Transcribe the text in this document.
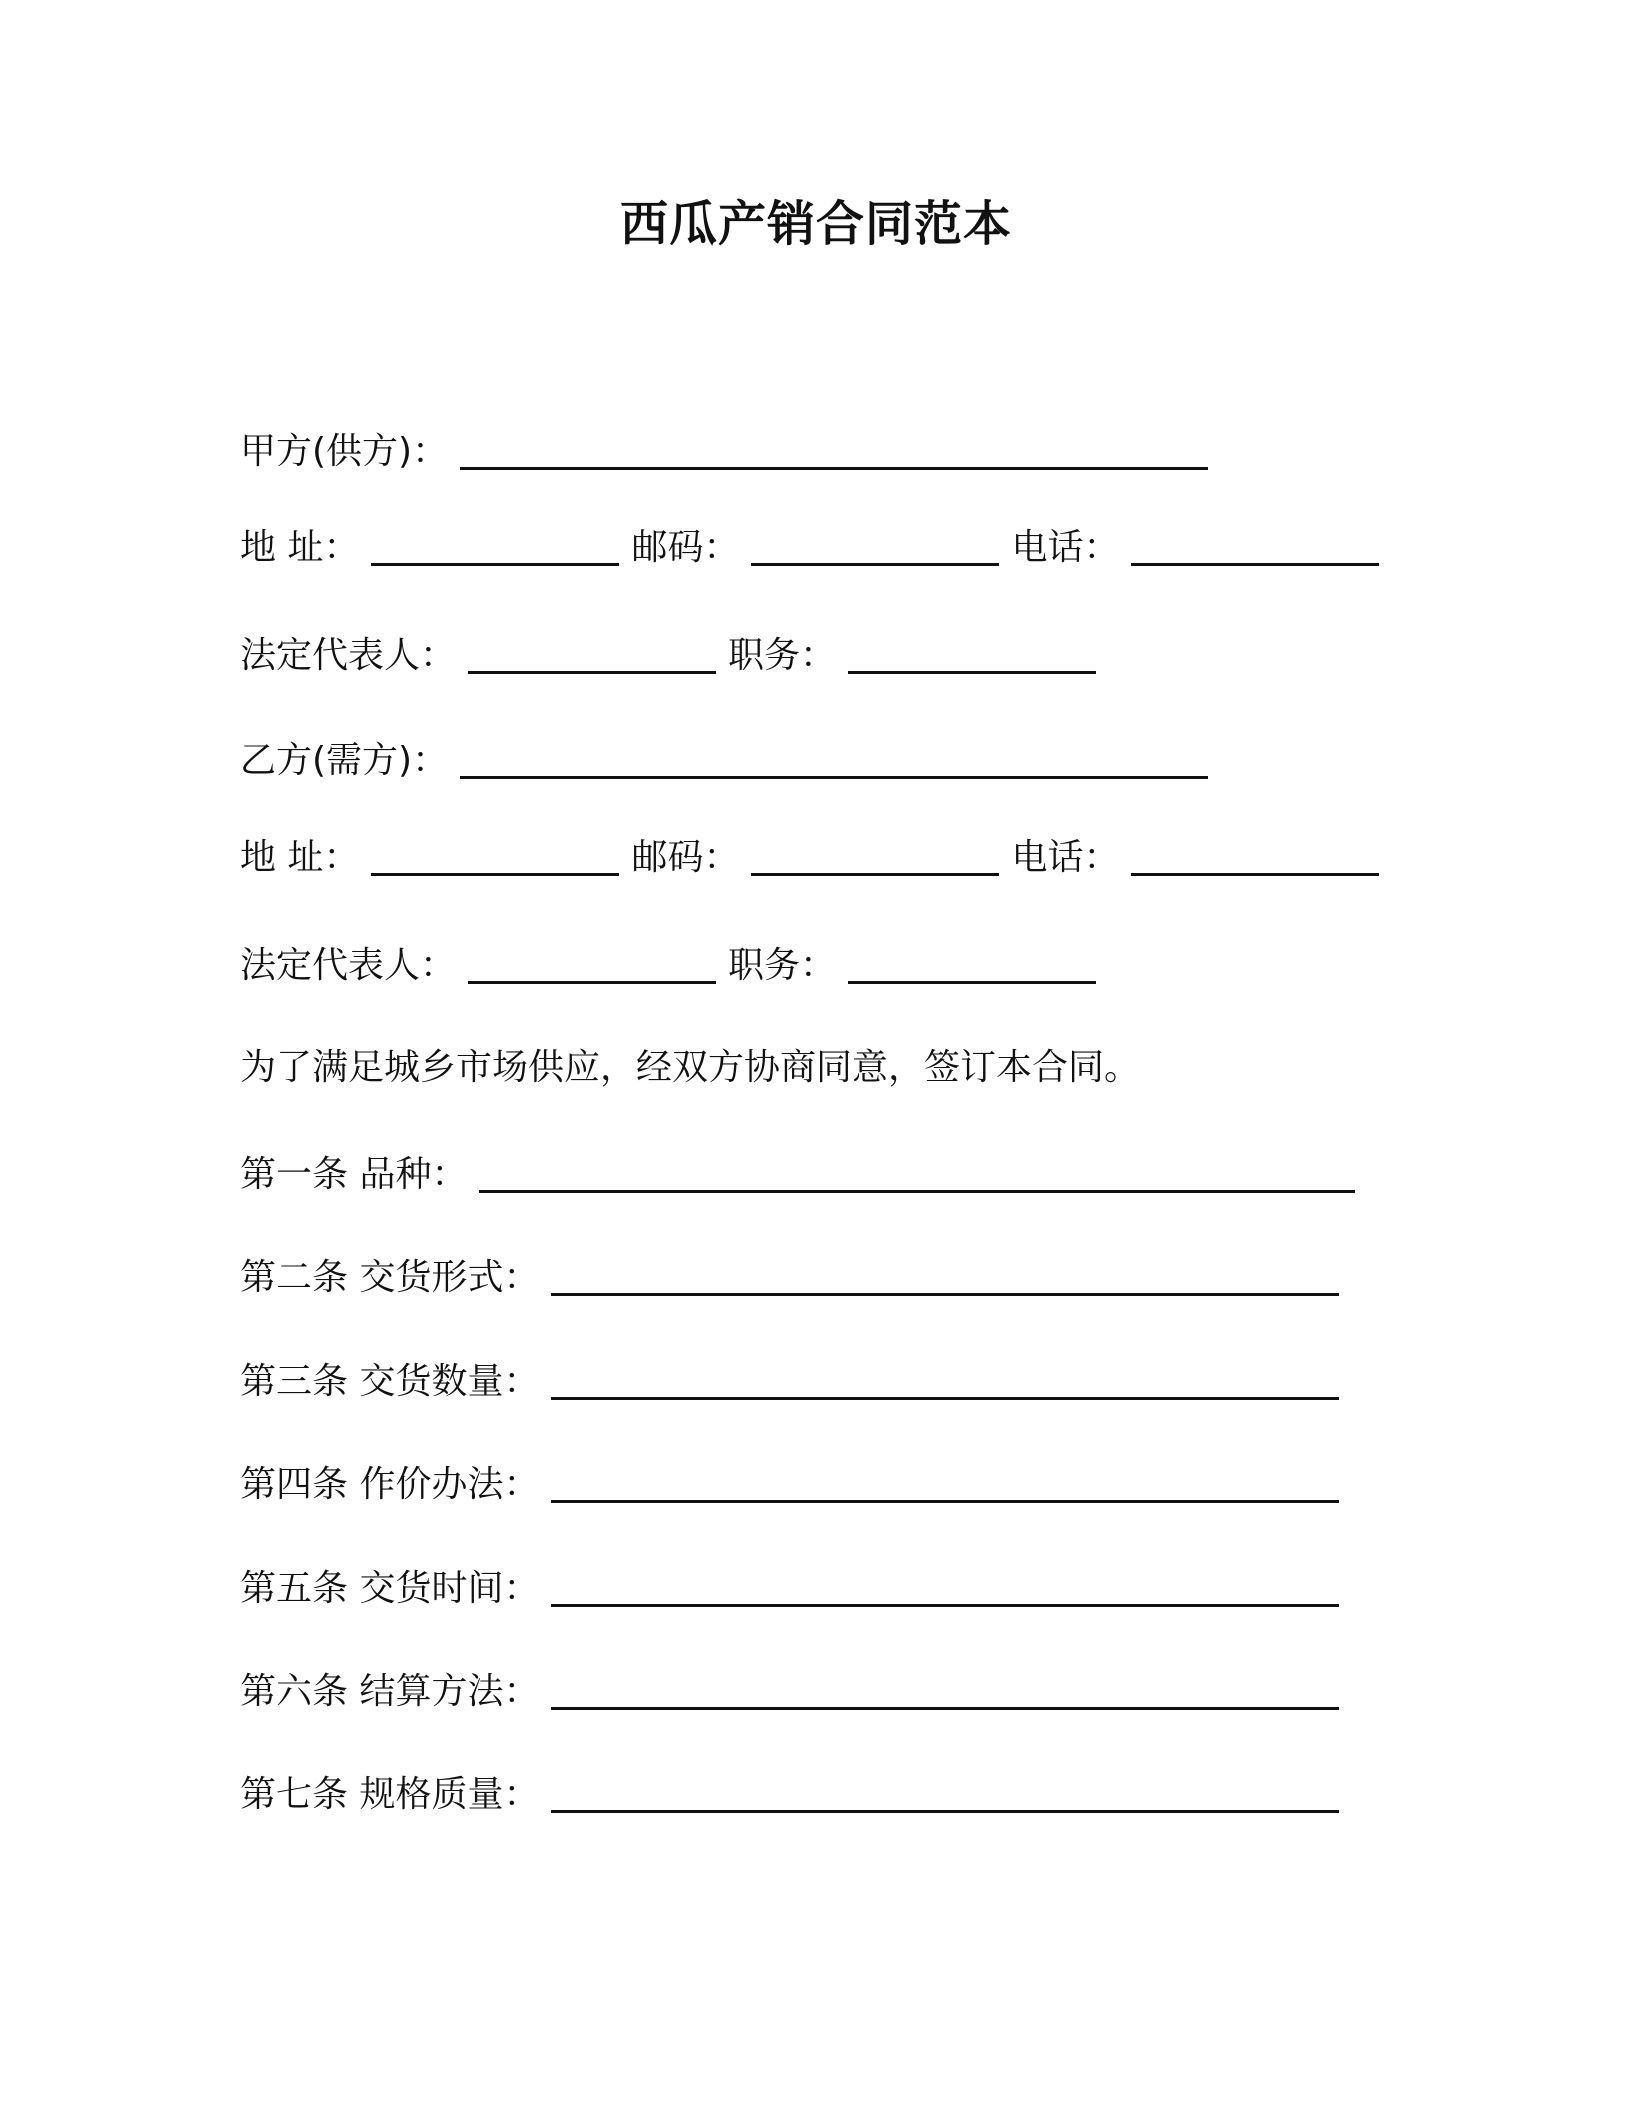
西瓜产销合同范本
甲方(供方)：
地 址：	邮码：	电话：
法定代表人：	职务：
乙方(需方)：
地 址：	邮码：	电话：
法定代表人：	职务：
为了满足城乡市场供应，经双方协商同意，签订本合同。
第一条 品种：
第二条 交货形式：
第三条 交货数量：
第四条 作价办法：
第五条 交货时间：
第六条 结算方法：
第七条 规格质量：
